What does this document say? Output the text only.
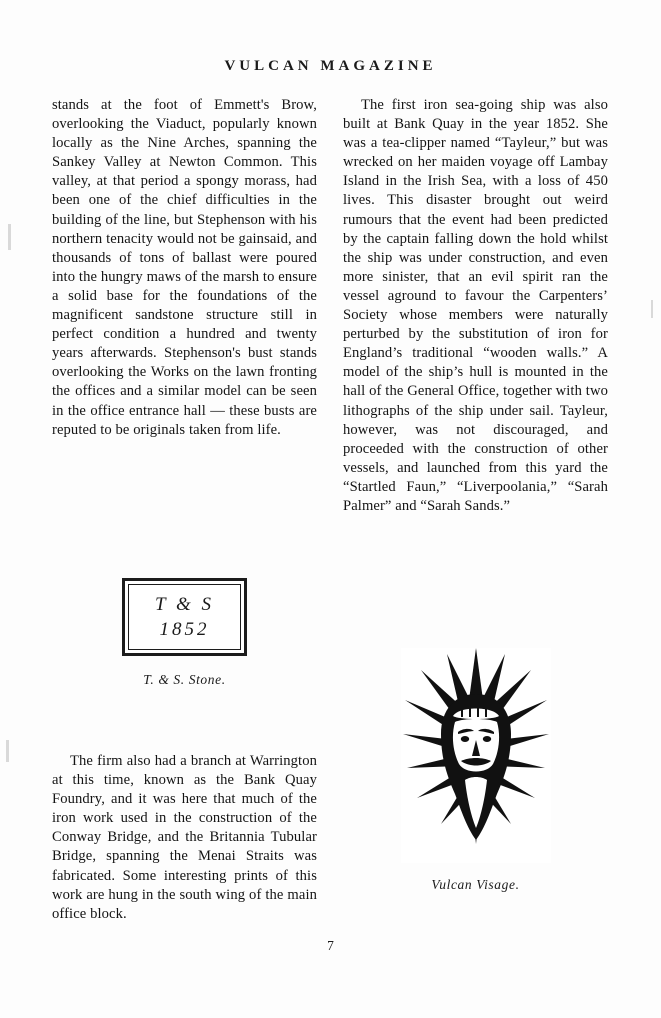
VULCAN MAGAZINE

stands at the foot of Emmett's Brow, overlooking the Viaduct, popularly known locally as the Nine Arches, spanning the Sankey Valley at Newton Common. This valley, at that period a spongy morass, had been one of the chief difficulties in the building of the line, but Stephenson with his northern tenacity would not be gainsaid, and thousands of tons of ballast were poured into the hungry maws of the marsh to ensure a solid base for the foundations of the magnificent sandstone structure still in perfect condition a hundred and twenty years afterwards. Stephenson's bust stands overlooking the Works on the lawn fronting the offices and a similar model can be seen in the office entrance hall — these busts are reputed to be originals taken from life.

The first iron sea-going ship was also built at Bank Quay in the year 1852. She was a tea-clipper named “Tayleur,” but was wrecked on her maiden voyage off Lambay Island in the Irish Sea, with a loss of 450 lives. This disaster brought out weird rumours that the event had been predicted by the captain falling down the hold whilst the ship was under construction, and even more sinister, that an evil spirit ran the vessel aground to favour the Carpenters’ Society whose members were naturally perturbed by the substitution of iron for England’s traditional “wooden walls.” A model of the ship’s hull is mounted in the hall of the General Office, together with two lithographs of the ship under sail. Tayleur, however, was not discouraged, and proceeded with the construction of other vessels, and launched from this yard the “Startled Faun,” “Liverpoolania,” “Sarah Palmer” and “Sarah Sands.”

T & S
1852
T. & S. Stone.

The firm also had a branch at Warrington at this time, known as the Bank Quay Foundry, and it was here that much of the iron work used in the construction of the Conway Bridge, and the Britannia Tubular Bridge, spanning the Menai Straits was fabricated. Some interesting prints of this work are hung in the south wing of the main office block.

Vulcan Visage.
7
